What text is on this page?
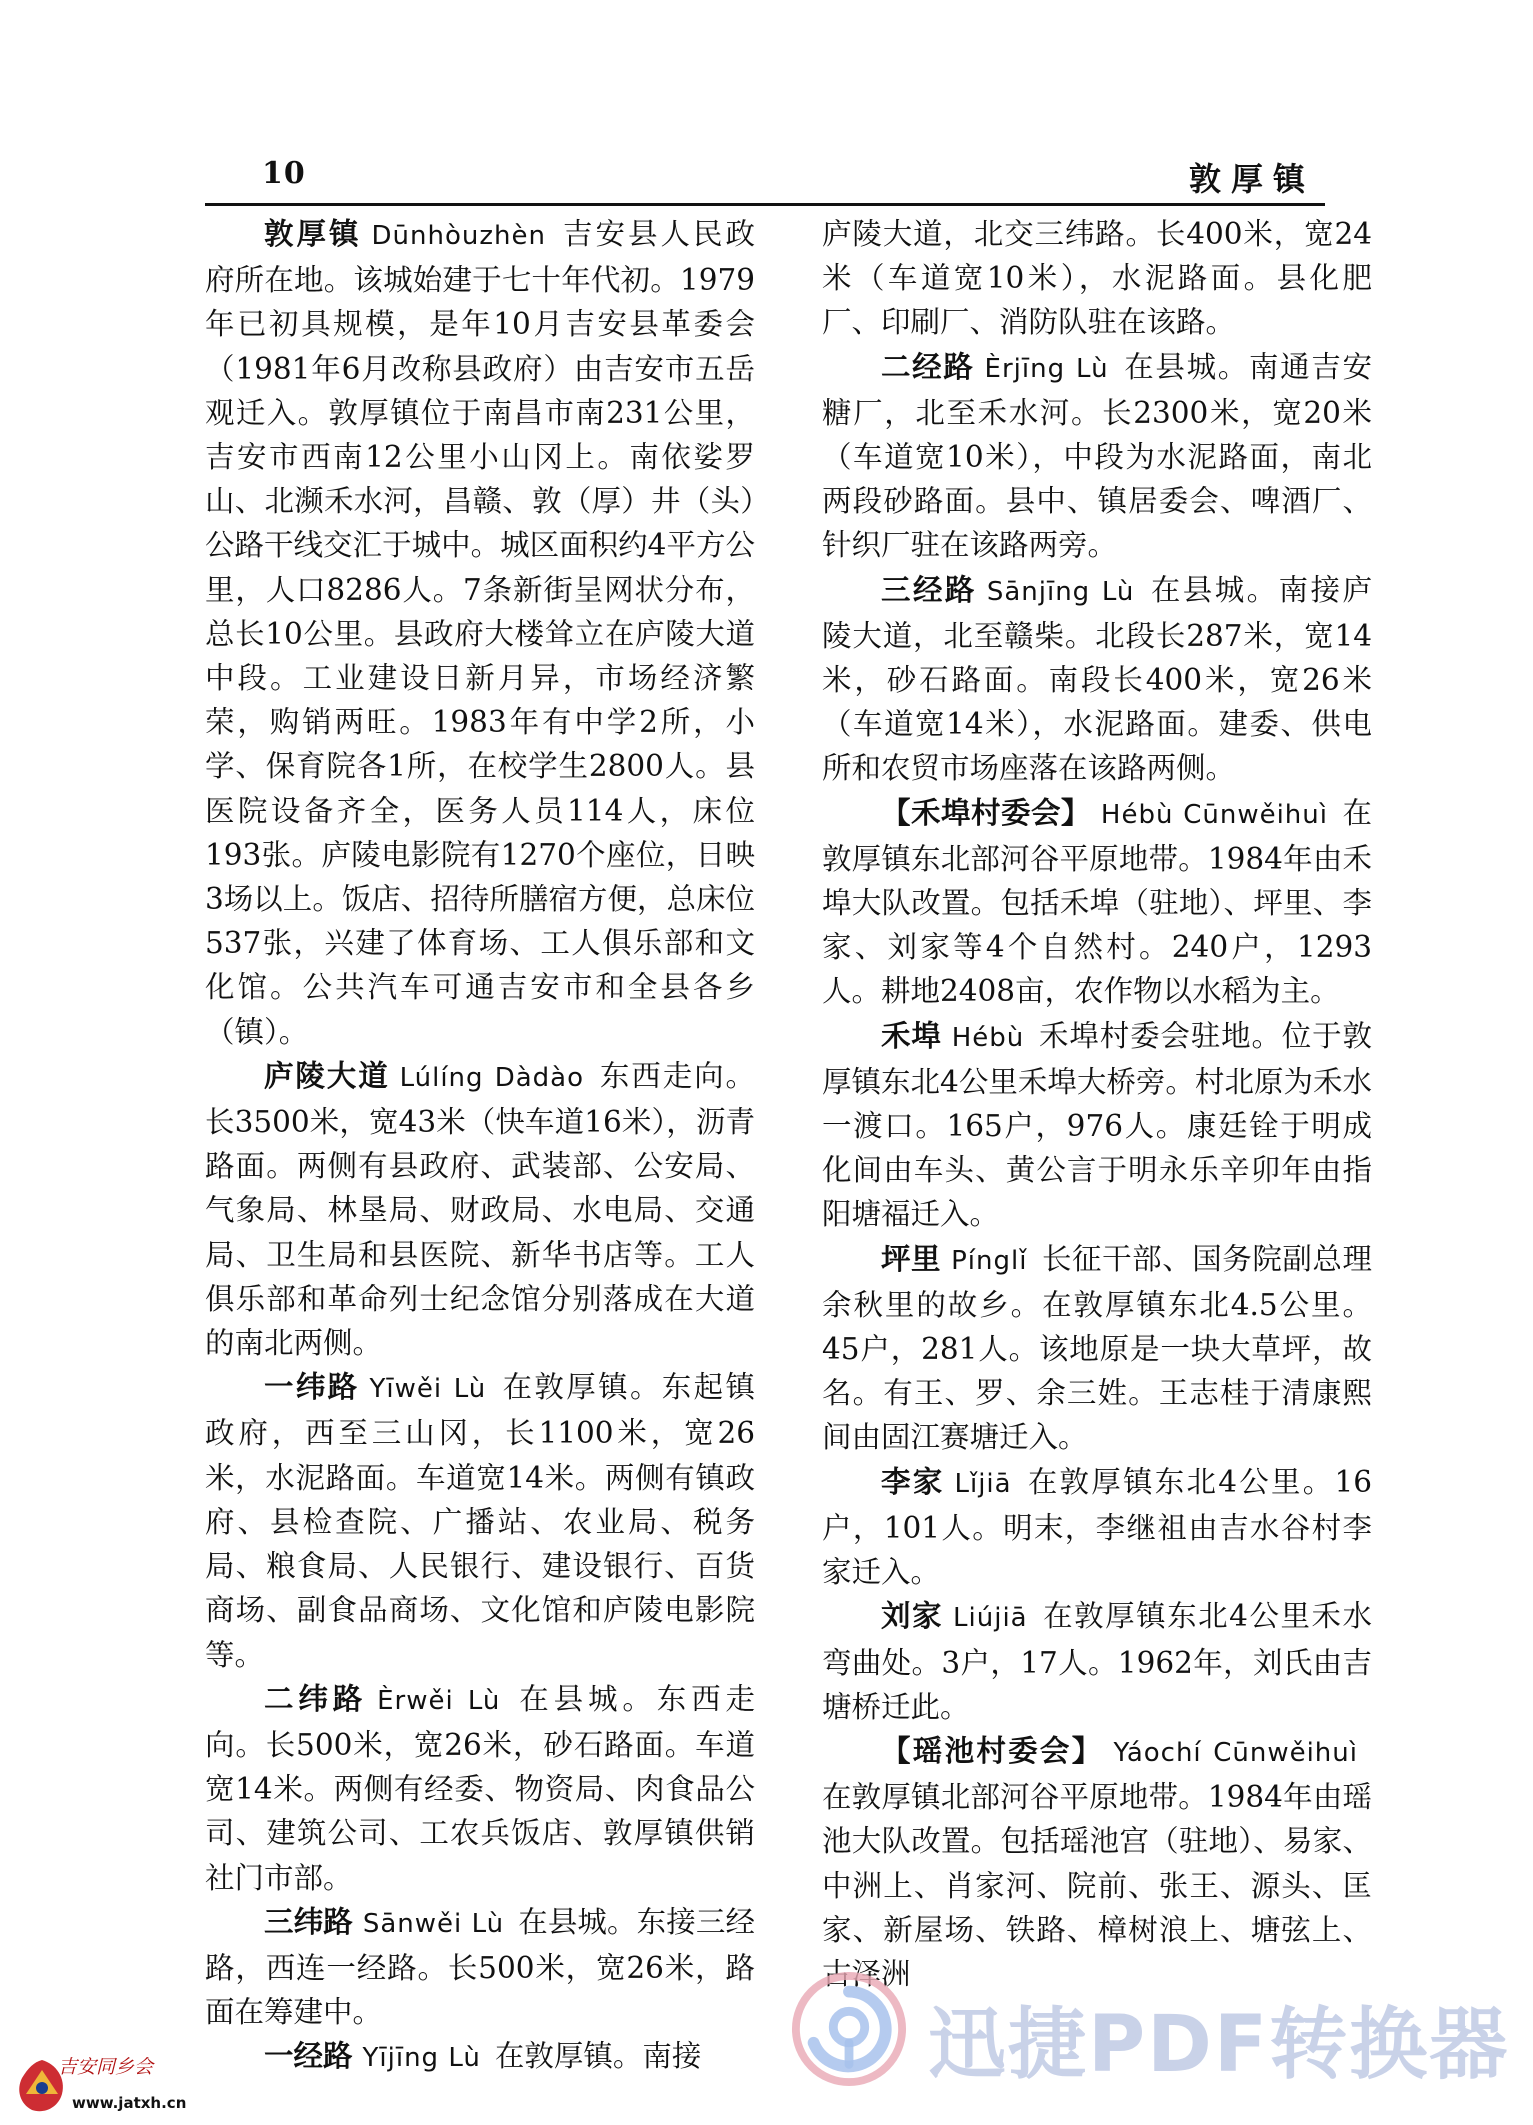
10	敦厚镇

敦厚镇 Dūnhòuzhèn 吉安县人民政府所在地。该城始建于七十年代初。1979年已初具规模，是年10月吉安县革委会（1981年6月改称县政府）由吉安市五岳观迁入。敦厚镇位于南昌市南231公里，吉安市西南12公里小山冈上。南依娑罗山、北濒禾水河，昌赣、敦（厚）井（头）公路干线交汇于城中。城区面积约4平方公里，人口8286人。7条新街呈网状分布，总长10公里。县政府大楼耸立在庐陵大道中段。工业建设日新月异，市场经济繁荣，购销两旺。1983年有中学2所，小学、保育院各1所，在校学生2800人。县医院设备齐全，医务人员114人，床位193张。庐陵电影院有1270个座位，日映3场以上。饭店、招待所膳宿方便，总床位537张，兴建了体育场、工人俱乐部和文化馆。公共汽车可通吉安市和全县各乡（镇）。

庐陵大道 Lúlíng Dàdào 东西走向。长3500米，宽43米（快车道16米），沥青路面。两侧有县政府、武装部、公安局、气象局、林垦局、财政局、水电局、交通局、卫生局和县医院、新华书店等。工人俱乐部和革命列士纪念馆分别落成在大道的南北两侧。

一纬路 Yīwěi Lù 在敦厚镇。东起镇政府，西至三山冈，长1100米，宽26米，水泥路面。车道宽14米。两侧有镇政府、县检查院、广播站、农业局、税务局、粮食局、人民银行、建设银行、百货商场、副食品商场、文化馆和庐陵电影院等。

二纬路 Èrwěi Lù 在县城。东西走向。长500米，宽26米，砂石路面。车道宽14米。两侧有经委、物资局、肉食品公司、建筑公司、工农兵饭店、敦厚镇供销社门市部。

三纬路 Sānwěi Lù 在县城。东接三经路，西连一经路。长500米，宽26米，路面在筹建中。

一经路 Yījīng Lù 在敦厚镇。南接

庐陵大道，北交三纬路。长400米，宽24米（车道宽10米），水泥路面。县化肥厂、印刷厂、消防队驻在该路。

二经路 Èrjīng Lù 在县城。南通吉安糖厂，北至禾水河。长2300米，宽20米（车道宽10米），中段为水泥路面，南北两段砂路面。县中、镇居委会、啤酒厂、针织厂驻在该路两旁。

三经路 Sānjīng Lù 在县城。南接庐陵大道，北至赣柴。北段长287米，宽14米，砂石路面。南段长400米，宽26米（车道宽14米），水泥路面。建委、供电所和农贸市场座落在该路两侧。

【禾埠村委会】 Hébù Cūnwěihuì 在敦厚镇东北部河谷平原地带。1984年由禾埠大队改置。包括禾埠（驻地）、坪里、李家、刘家等4个自然村。240户，1293人。耕地2408亩，农作物以水稻为主。

禾埠 Hébù 禾埠村委会驻地。位于敦厚镇东北4公里禾埠大桥旁。村北原为禾水一渡口。165户，976人。康廷铨于明成化间由车头、黄公言于明永乐辛卯年由指阳塘福迁入。

坪里 Pínglǐ 长征干部、国务院副总理余秋里的故乡。在敦厚镇东北4.5公里。45户，281人。该地原是一块大草坪，故名。有王、罗、余三姓。王志桂于清康熙间由固江赛塘迁入。

李家 Lǐjiā 在敦厚镇东北4公里。16户，101人。明末，李继祖由吉水谷村李家迁入。

刘家 Liújiā 在敦厚镇东北4公里禾水弯曲处。3户，17人。1962年，刘氏由吉塘桥迁此。

【瑶池村委会】 Yáochí Cūnwěihuì在敦厚镇北部河谷平原地带。1984年由瑶池大队改置。包括瑶池宫（驻地）、易家、中洲上、肖家河、院前、张王、源头、匡家、新屋场、铁路、樟树浪上、塘弦上、古泽洲

迅捷PDF转换器
吉安同乡会
www.jatxh.cn
